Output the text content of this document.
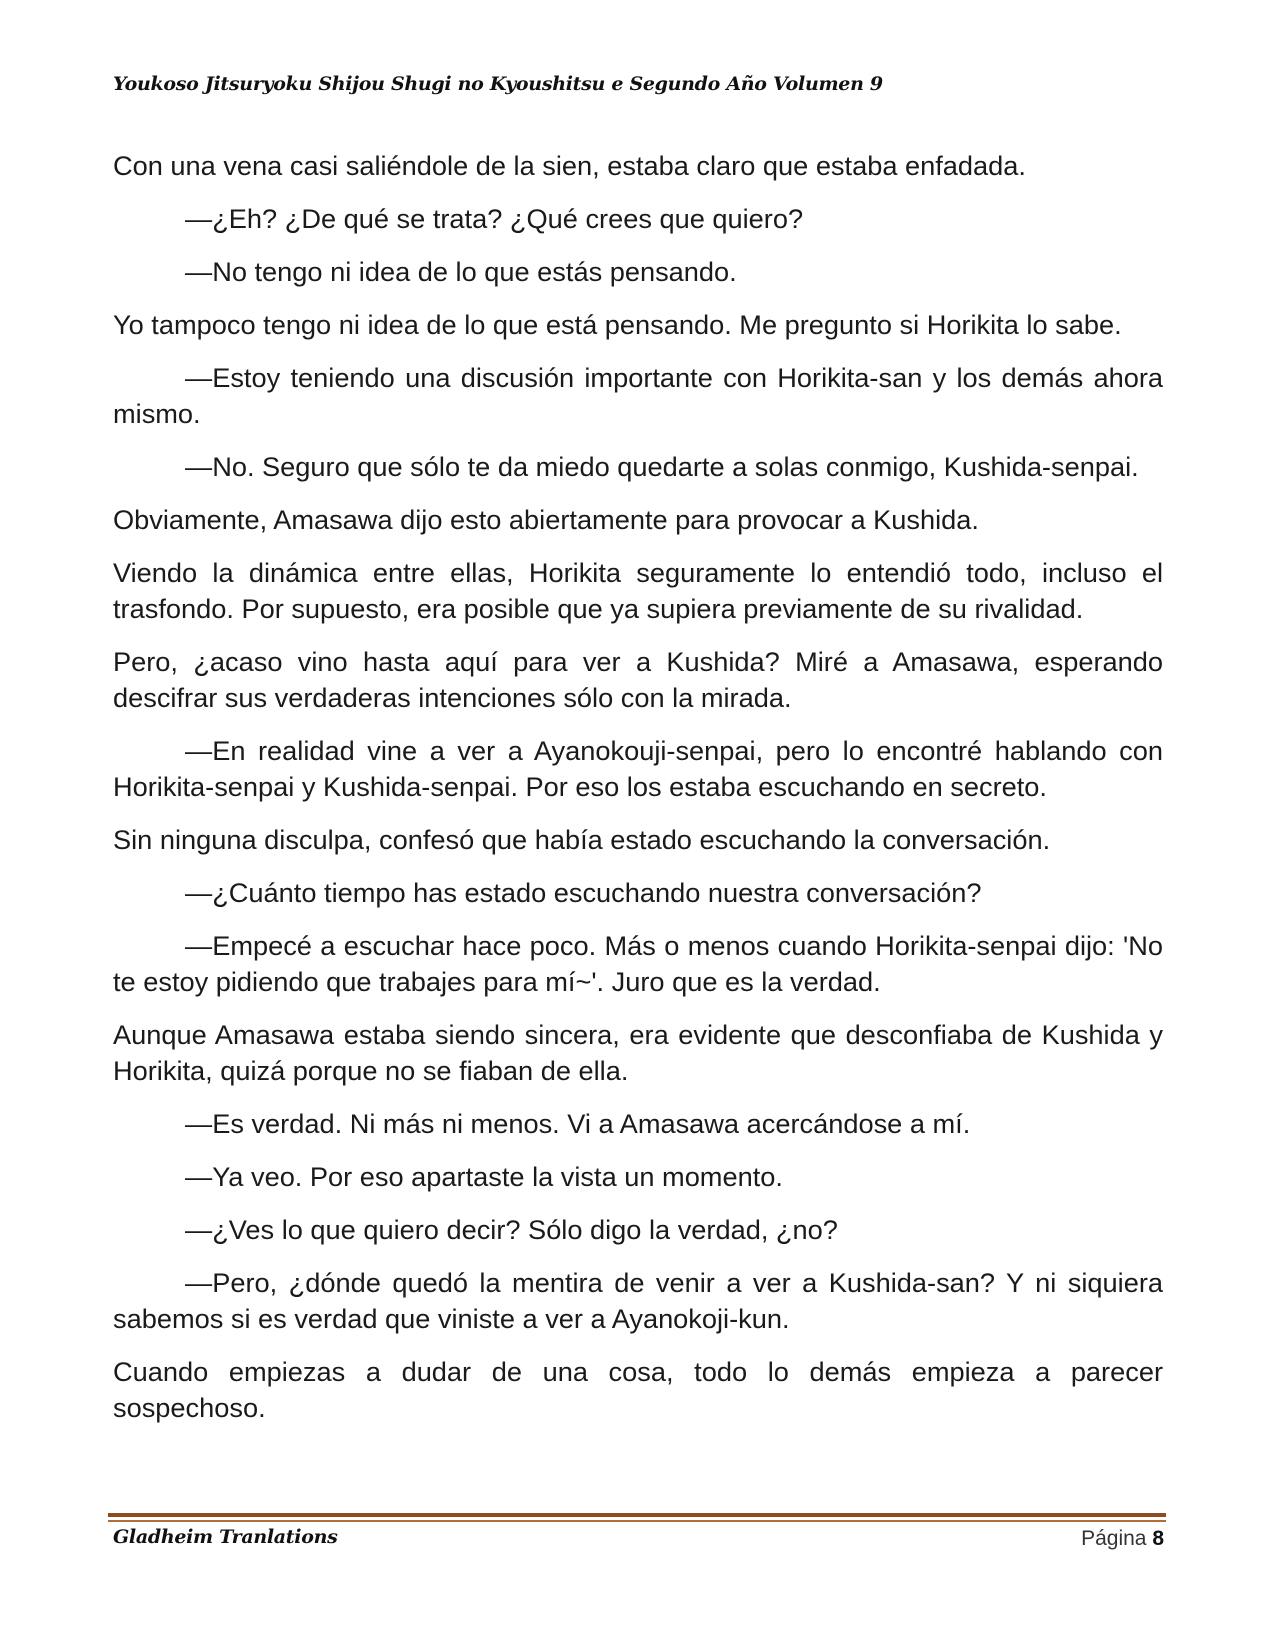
Youkoso Jitsuryoku Shijou Shugi no Kyoushitsu e Segundo Año Volumen 9

Con una vena casi saliéndole de la sien, estaba claro que estaba enfadada.

—¿Eh? ¿De qué se trata? ¿Qué crees que quiero?

—No tengo ni idea de lo que estás pensando.

Yo tampoco tengo ni idea de lo que está pensando. Me pregunto si Horikita lo sabe.

—Estoy teniendo una discusión importante con Horikita-san y los demás ahora mismo.

—No. Seguro que sólo te da miedo quedarte a solas conmigo, Kushida-senpai.

Obviamente, Amasawa dijo esto abiertamente para provocar a Kushida.

Viendo la dinámica entre ellas, Horikita seguramente lo entendió todo, incluso el trasfondo. Por supuesto, era posible que ya supiera previamente de su rivalidad.

Pero, ¿acaso vino hasta aquí para ver a Kushida? Miré a Amasawa, esperando descifrar sus verdaderas intenciones sólo con la mirada.

—En realidad vine a ver a Ayanokouji-senpai, pero lo encontré hablando con Horikita-senpai y Kushida-senpai. Por eso los estaba escuchando en secreto.

Sin ninguna disculpa, confesó que había estado escuchando la conversación.

—¿Cuánto tiempo has estado escuchando nuestra conversación?

—Empecé a escuchar hace poco. Más o menos cuando Horikita-senpai dijo: 'No te estoy pidiendo que trabajes para mí~'. Juro que es la verdad.

Aunque Amasawa estaba siendo sincera, era evidente que desconfiaba de Kushida y Horikita, quizá porque no se fiaban de ella.

—Es verdad. Ni más ni menos. Vi a Amasawa acercándose a mí.

—Ya veo. Por eso apartaste la vista un momento.

—¿Ves lo que quiero decir? Sólo digo la verdad, ¿no?

—Pero, ¿dónde quedó la mentira de venir a ver a Kushida-san? Y ni siquiera sabemos si es verdad que viniste a ver a Ayanokoji-kun.

Cuando empiezas a dudar de una cosa, todo lo demás empieza a parecer sospechoso.

Gladheim Tranlations	Página 8
